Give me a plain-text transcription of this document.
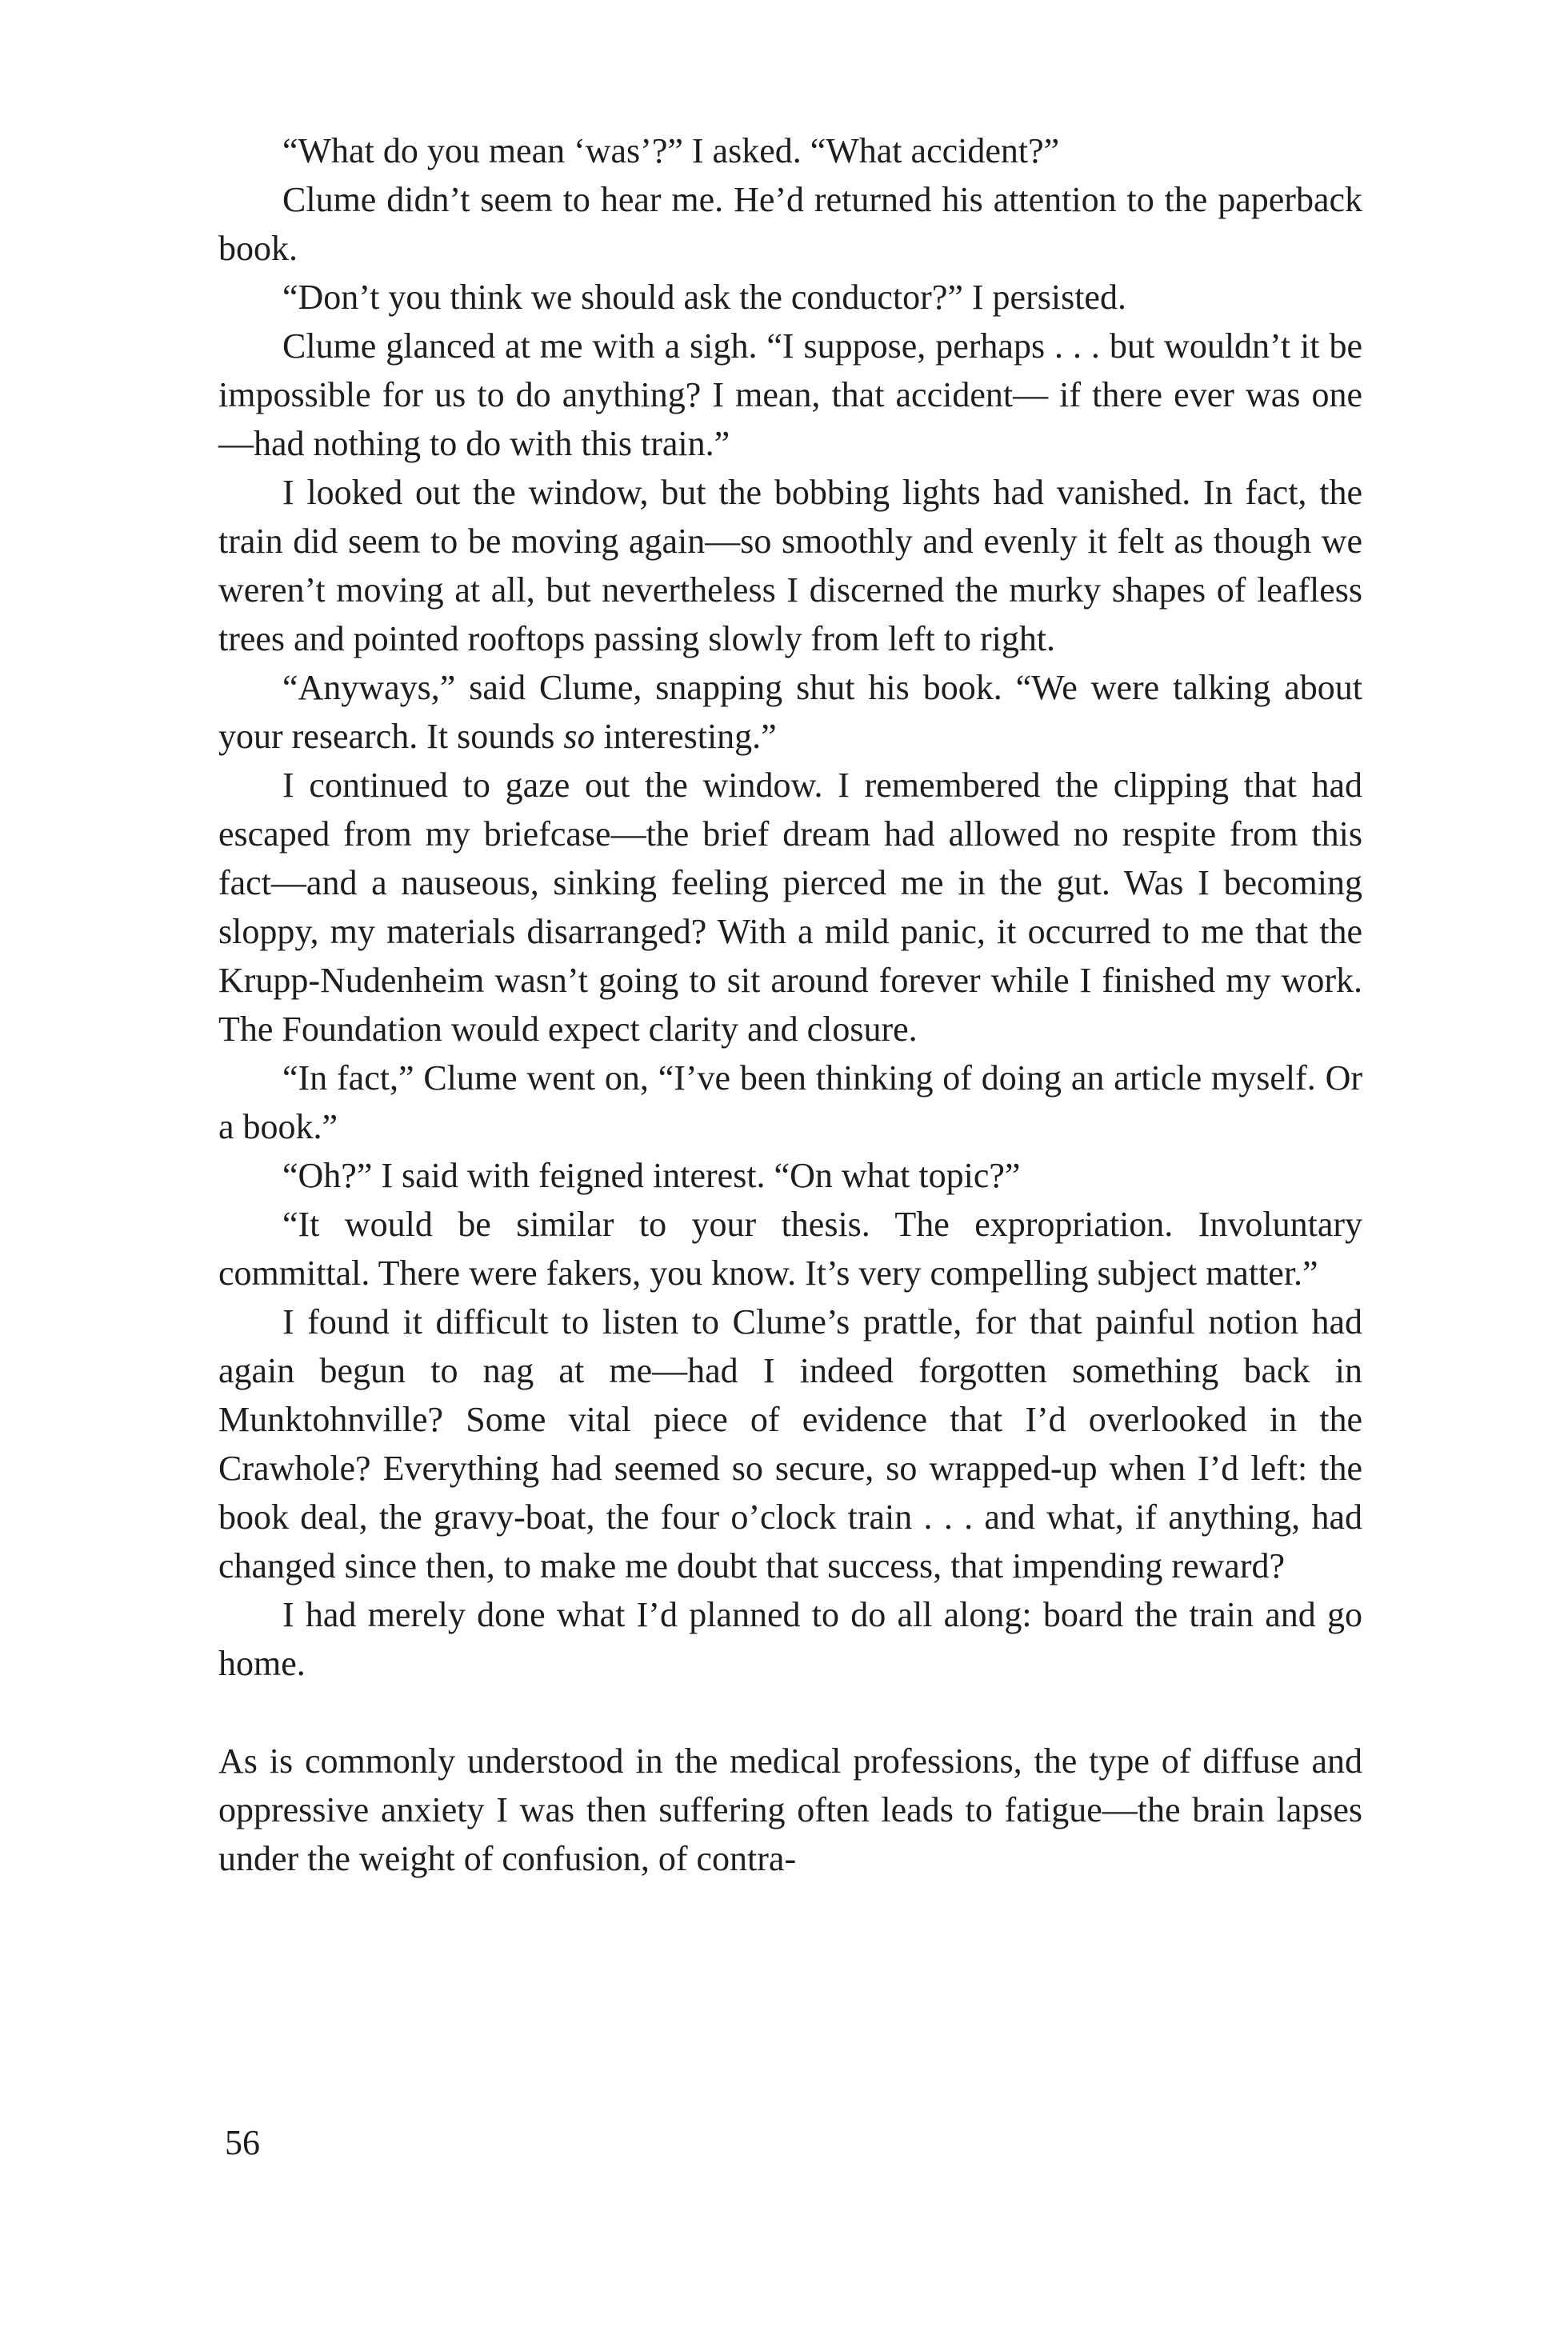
“What do you mean ‘was’?” I asked. “What accident?”

Clume didn’t seem to hear me. He’d returned his attention to the paperback book.

“Don’t you think we should ask the conductor?” I persisted.

Clume glanced at me with a sigh. “I suppose, perhaps . . . but wouldn’t it be impossible for us to do anything? I mean, that accident— if there ever was one—had nothing to do with this train.”

I looked out the window, but the bobbing lights had vanished. In fact, the train did seem to be moving again—so smoothly and evenly it felt as though we weren’t moving at all, but nevertheless I discerned the murky shapes of leafless trees and pointed rooftops passing slowly from left to right.

“Anyways,” said Clume, snapping shut his book. “We were talking about your research. It sounds so interesting.”

I continued to gaze out the window. I remembered the clipping that had escaped from my briefcase—the brief dream had allowed no respite from this fact—and a nauseous, sinking feeling pierced me in the gut. Was I becoming sloppy, my materials disarranged? With a mild panic, it occurred to me that the Krupp-Nudenheim wasn’t going to sit around forever while I finished my work. The Foundation would expect clarity and closure.

“In fact,” Clume went on, “I’ve been thinking of doing an article myself. Or a book.”

“Oh?” I said with feigned interest. “On what topic?”

“It would be similar to your thesis. The expropriation. Involuntary committal. There were fakers, you know. It’s very compelling subject matter.”

I found it difficult to listen to Clume’s prattle, for that painful notion had again begun to nag at me—had I indeed forgotten something back in Munktohnville? Some vital piece of evidence that I’d overlooked in the Crawhole? Everything had seemed so secure, so wrapped-up when I’d left: the book deal, the gravy-boat, the four o’clock train . . . and what, if anything, had changed since then, to make me doubt that success, that impending reward?

I had merely done what I’d planned to do all along: board the train and go home.

As is commonly understood in the medical professions, the type of diffuse and oppressive anxiety I was then suffering often leads to fatigue—the brain lapses under the weight of confusion, of contra-

56
